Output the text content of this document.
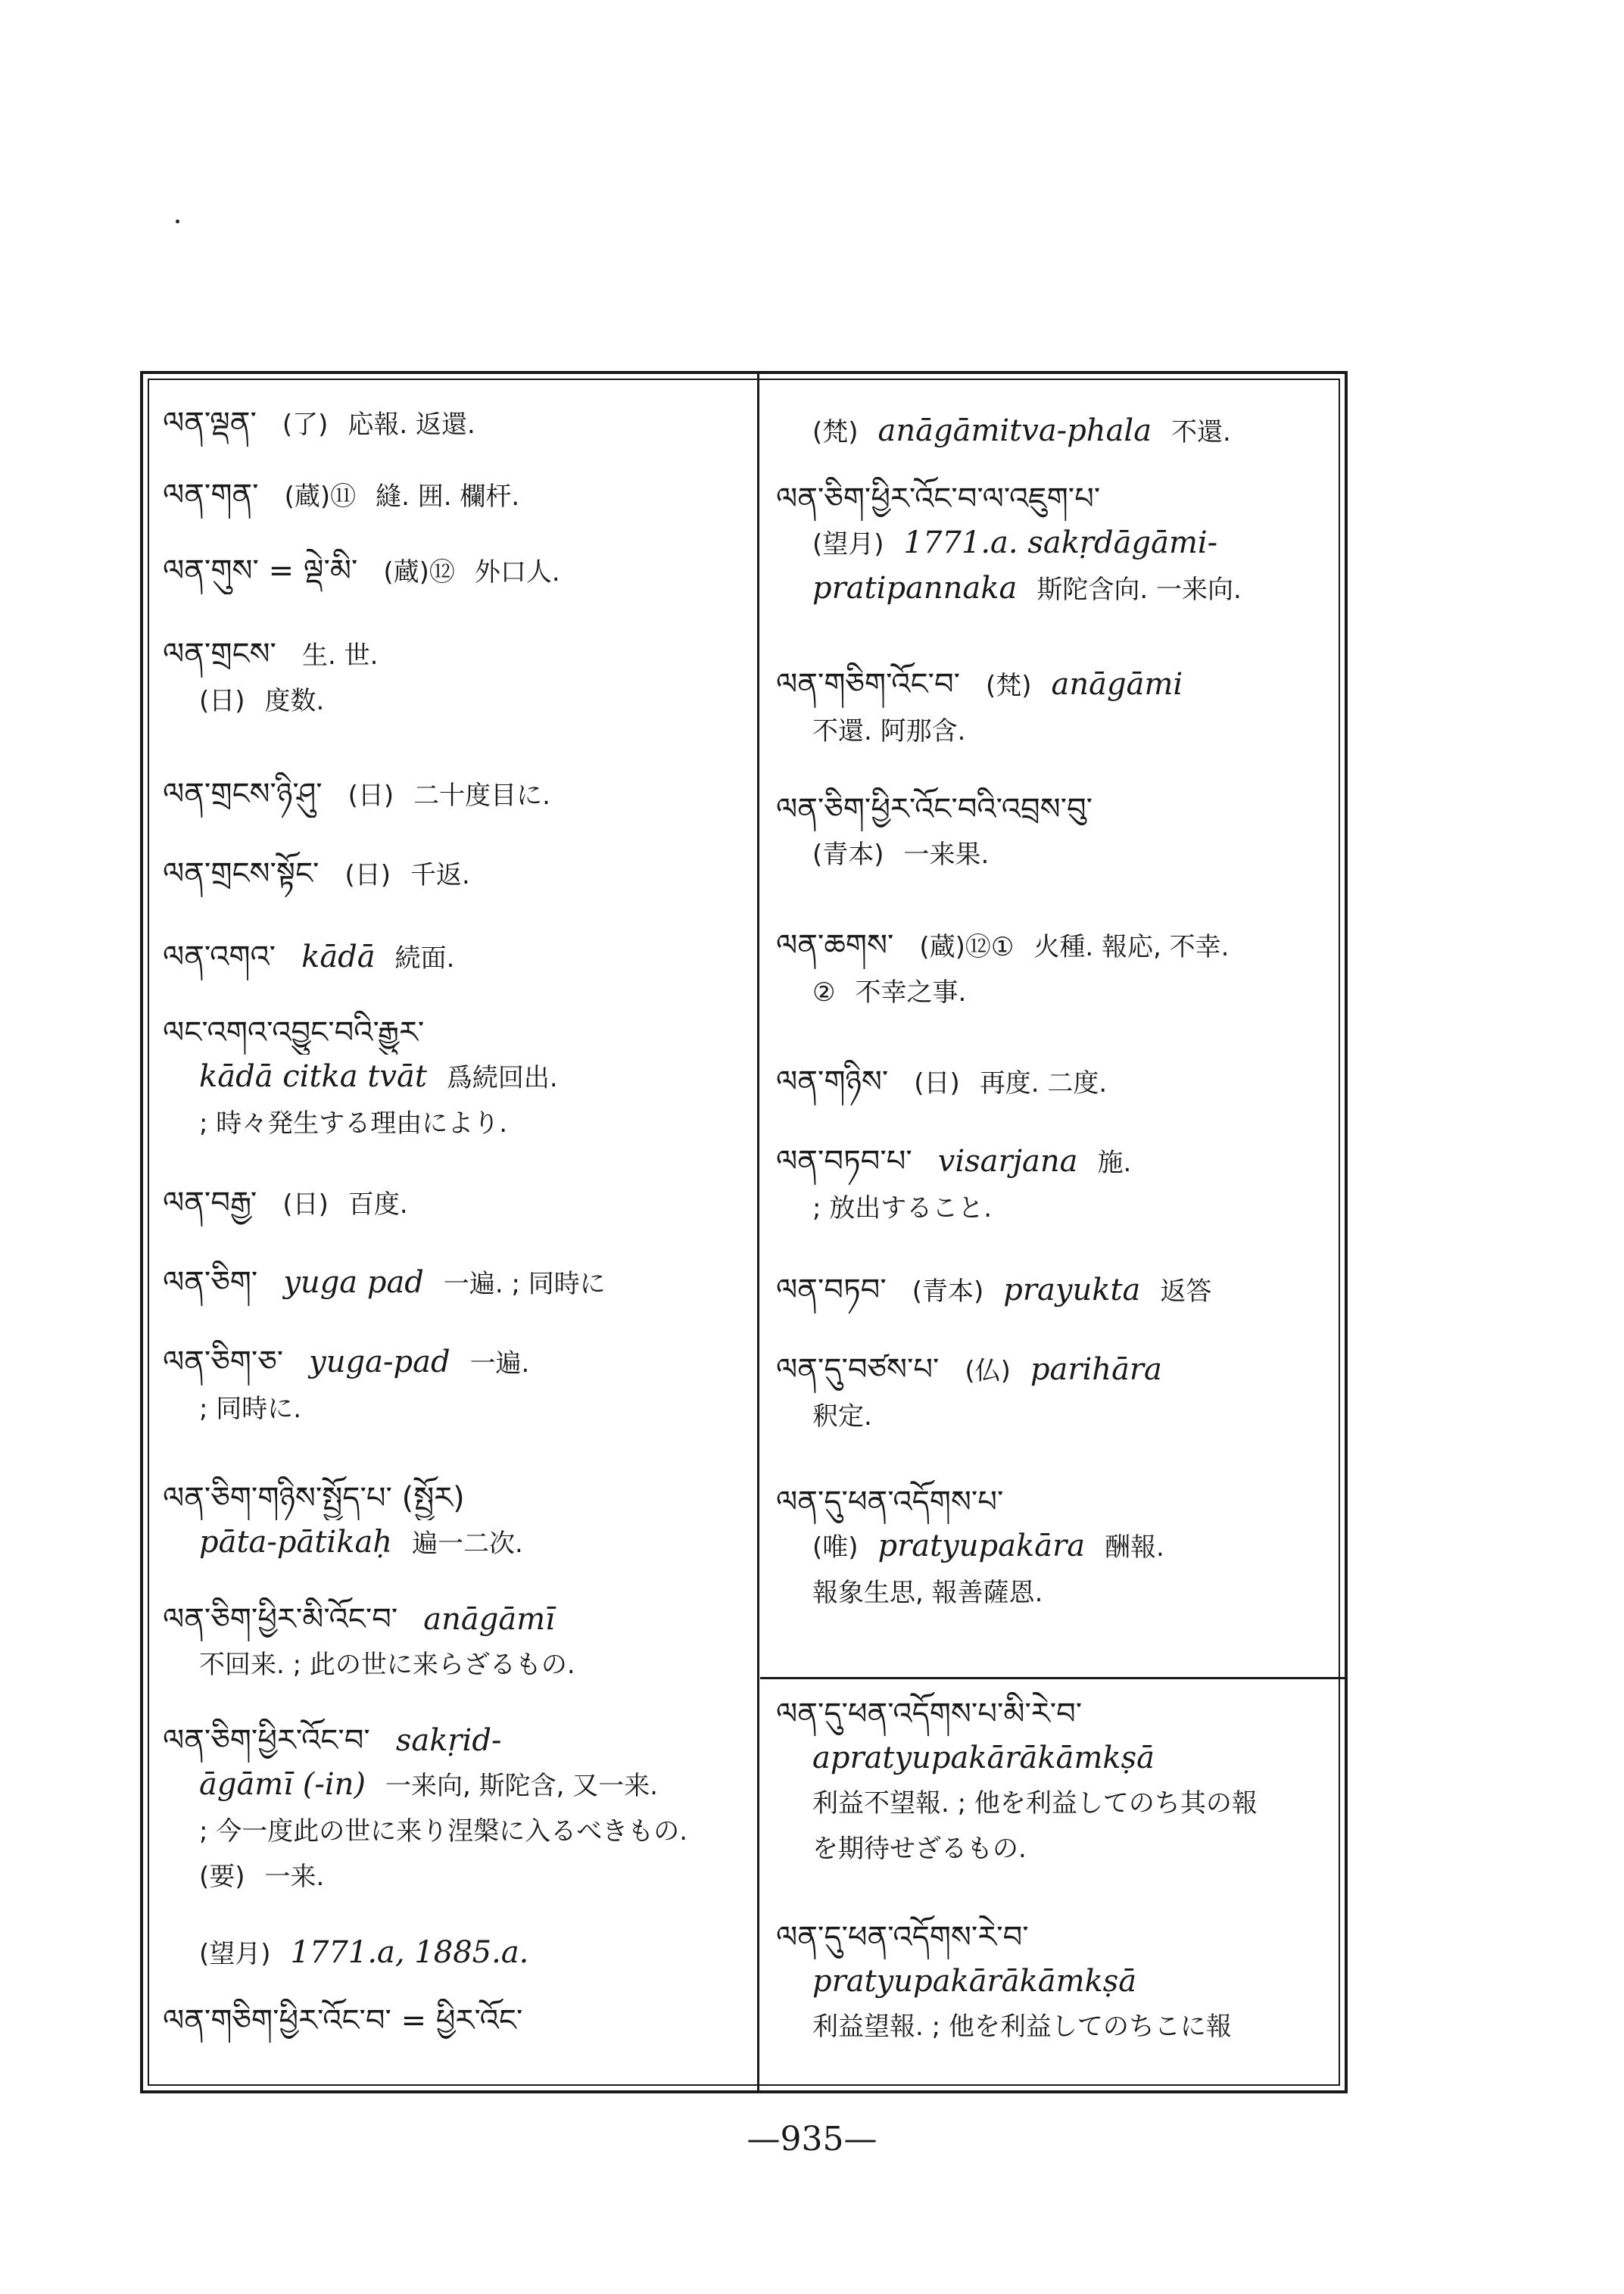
ལན་ལྡན་ (了) 応報. 返還.
ལན་གན་ (蔵)⑪ 縫. 囲. 欄杆.
ལན་གུས་ = ལྡེ་མི་ (蔵)⑫ 外口人.
ལན་གྲངས་ 生. 世.
(日) 度数.
ལན་གྲངས་ཉི་ཤུ་ (日) 二十度目に.
ལན་གྲངས་སྟོང་ (日) 千返.
ལན་འགའ་ kādā 続面.
ལང་འགའ་འབྱུང་བའི་རྒྱུར་
kādā citka tvāt 爲続回出.
; 時々発生する理由により.
ལན་བརྒྱ་ (日) 百度.
ལན་ཅིག་ yuga pad 一遍. ; 同時に
ལན་ཅིག་ཅ་ yuga-pad 一遍.
; 同時に.
ལན་ཅིག་གཉིས་སྤྱོད་པ་ (སྤྱོར)
pāta-pātikaḥ 遍一二次.
ལན་ཅིག་ཕྱིར་མི་འོང་བ་ anāgāmī
不回来. ; 此の世に来らざるもの.
ལན་ཅིག་ཕྱིར་འོང་བ་ sakṛid-
āgāmī (-in) 一来向, 斯陀含, 又一来.
; 今一度此の世に来り涅槃に入るべきもの.
(要) 一来.
(望月) 1771.a, 1885.a.
ལན་གཅིག་ཕྱིར་འོང་བ་ = ཕྱིར་འོང་
(梵) anāgāmitva-phala 不還.
ལན་ཅིག་ཕྱིར་འོང་བ་ལ་འཇུག་པ་
(望月) 1771.a. sakṛdāgāmi-
pratipannaka 斯陀含向. 一来向.
ལན་གཅིག་འོང་བ་ (梵) anāgāmi
不還. 阿那含.
ལན་ཅིག་ཕྱིར་འོང་བའི་འབྲས་བུ་
(青本) 一来果.
ལན་ཆགས་ (蔵)⑫① 火種. 報応, 不幸.
② 不幸之事.
ལན་གཉིས་ (日) 再度. 二度.
ལན་བཏབ་པ་ visarjana 施.
; 放出すること.
ལན་བཏབ་ (青本) prayukta 返答
ལན་དུ་བཙས་པ་ (仏) parihāra
釈定.
ལན་དུ་ཕན་འདོགས་པ་
(唯) pratyupakāra 酬報.
報象生思, 報善薩恩.
ལན་དུ་ཕན་འདོགས་པ་མི་རེ་བ་
apratyupakārākāmkṣā
利益不望報. ; 他を利益してのち其の報
を期待せざるもの.
ལན་དུ་ཕན་འདོགས་རེ་བ་
pratyupakārākāmkṣā
利益望報. ; 他を利益してのちこに報
—935—
